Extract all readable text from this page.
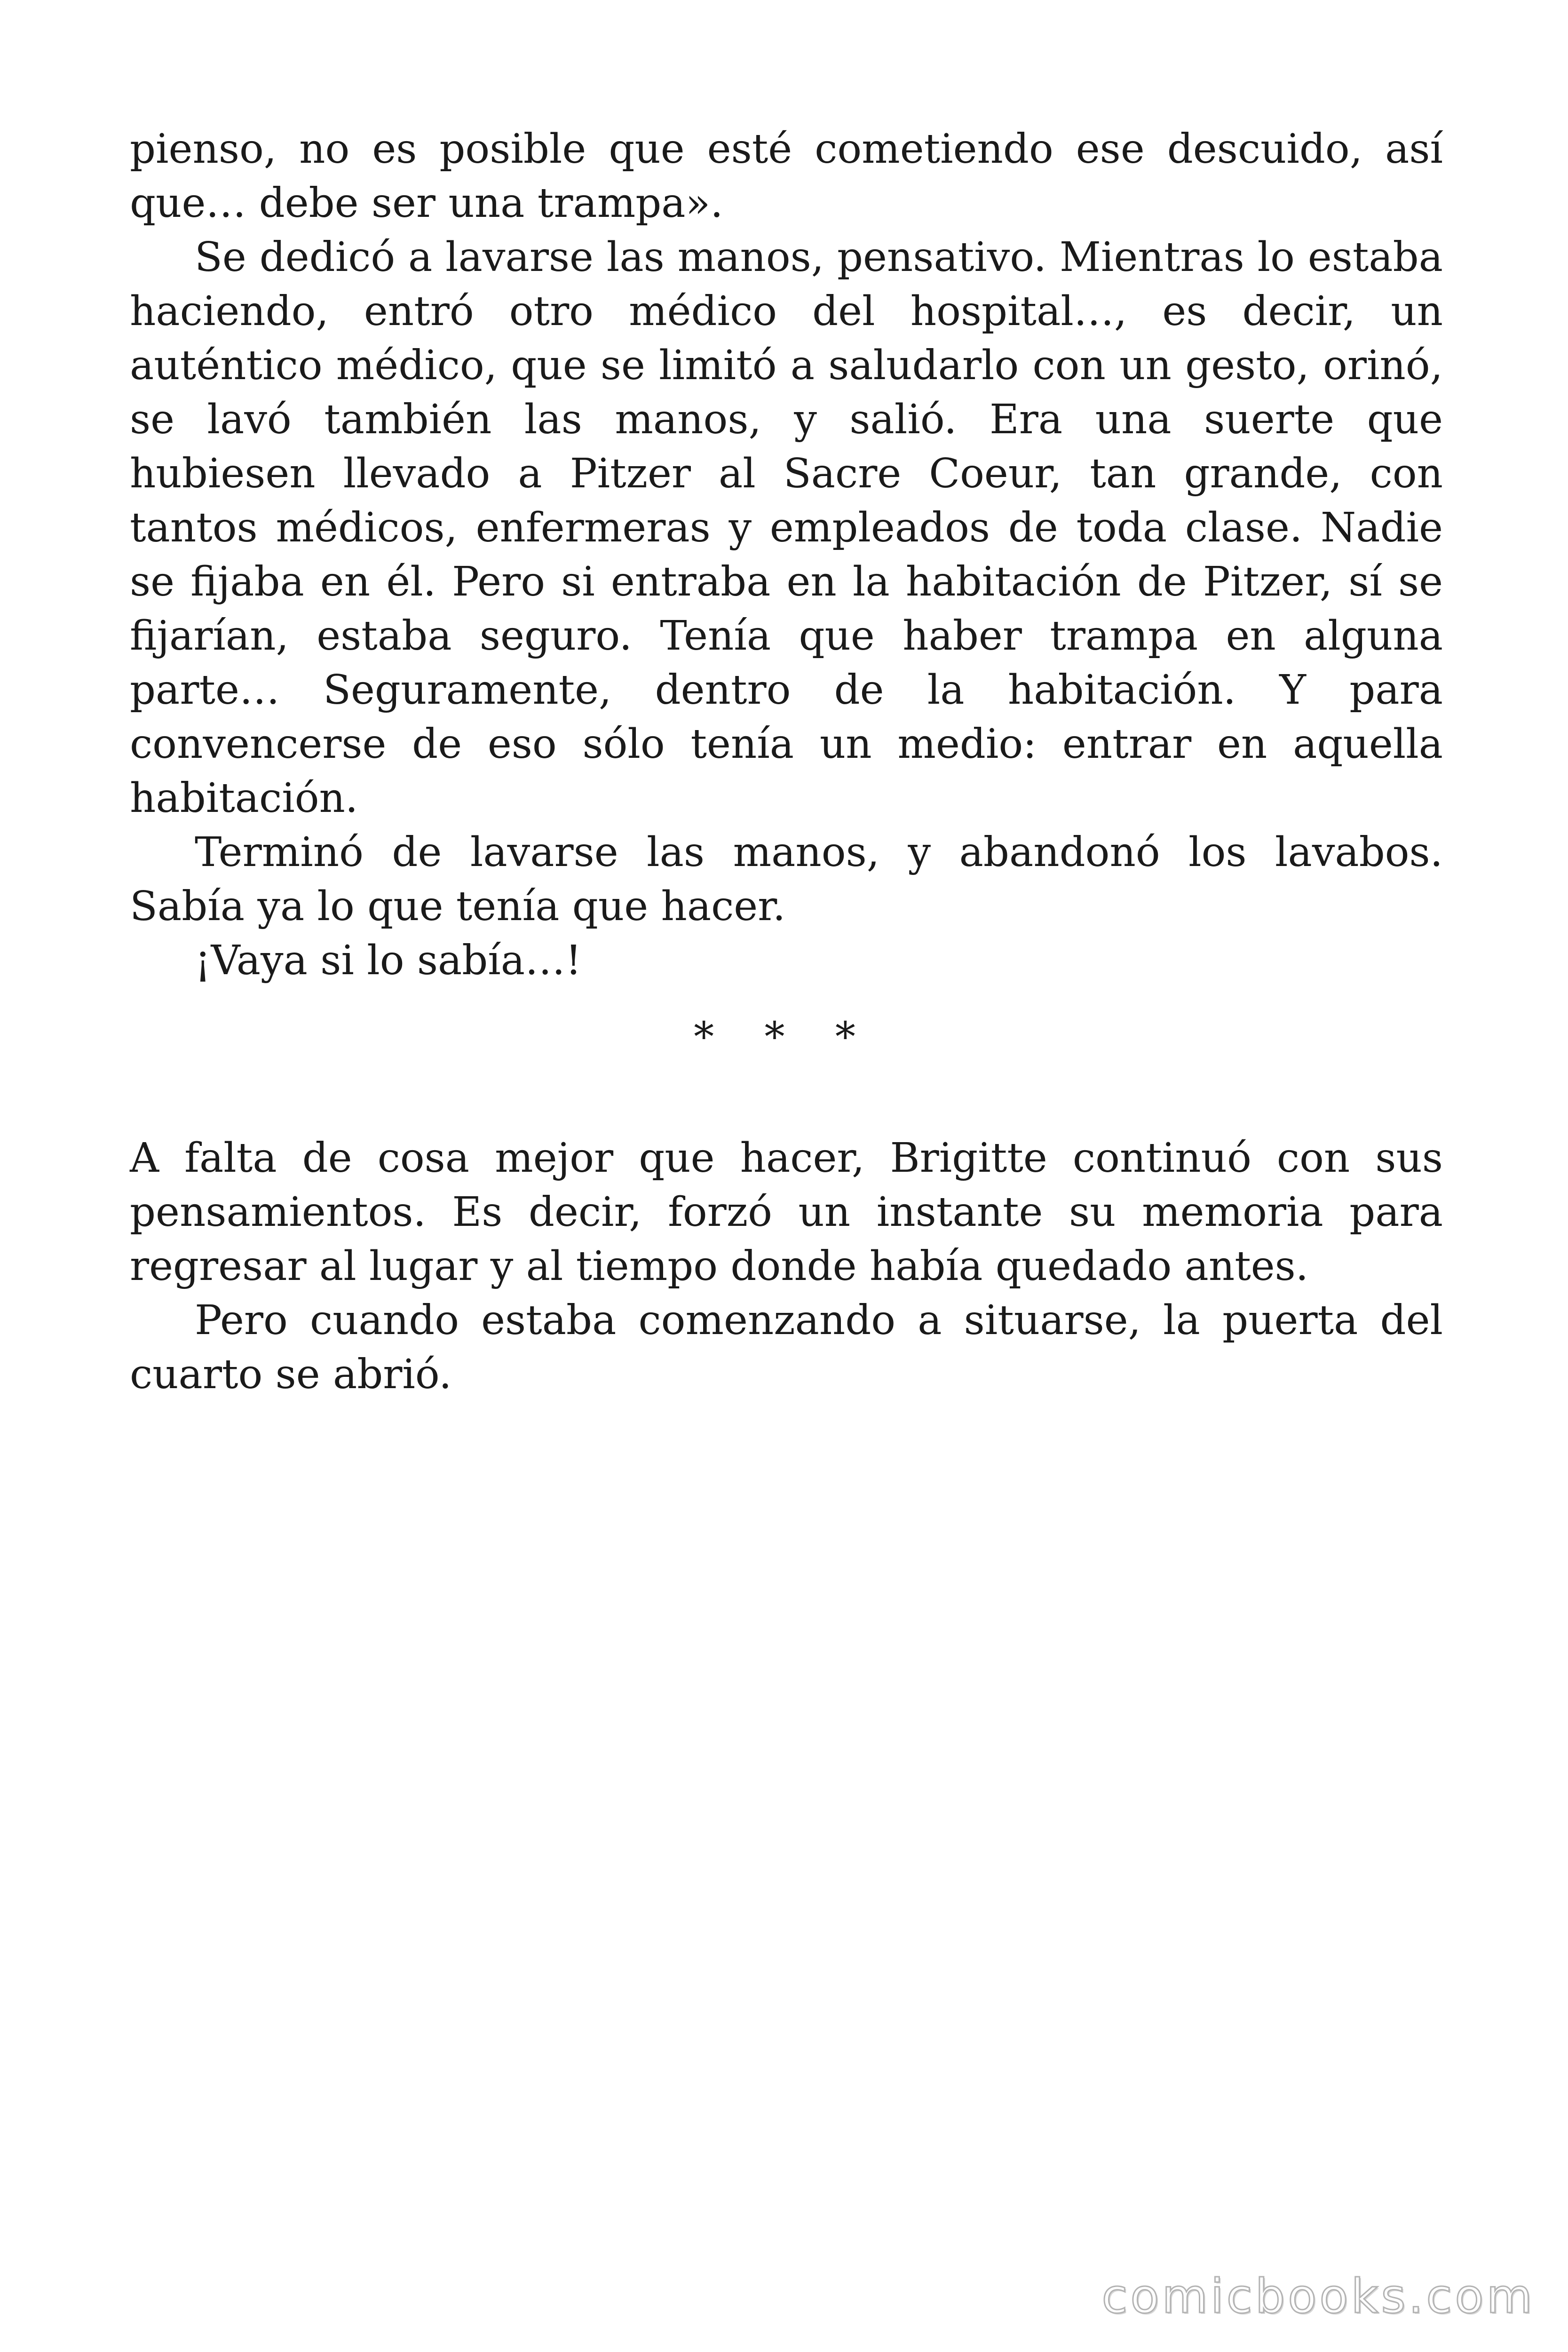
pienso, no es posible que esté cometiendo ese descuido, así que… debe ser una trampa».

Se dedicó a lavarse las manos, pensativo. Mientras lo estaba haciendo, entró otro médico del hospital…, es decir, un auténtico médico, que se limitó a saludarlo con un gesto, orinó, se lavó también las manos, y salió. Era una suerte que hubiesen llevado a Pitzer al Sacre Coeur, tan grande, con tantos médicos, enfermeras y empleados de toda clase. Nadie se fijaba en él. Pero si entraba en la habitación de Pitzer, sí se fijarían, estaba seguro. Tenía que haber trampa en alguna parte… Seguramente, dentro de la habitación. Y para convencerse de eso sólo tenía un medio: entrar en aquella habitación.

Terminó de lavarse las manos, y abandonó los lavabos. Sabía ya lo que tenía que hacer.

¡Vaya si lo sabía…!

* * *

A falta de cosa mejor que hacer, Brigitte continuó con sus pensamientos. Es decir, forzó un instante su memoria para regresar al lugar y al tiempo donde había quedado antes.

Pero cuando estaba comenzando a situarse, la puerta del cuarto se abrió.

comicbooks.com
